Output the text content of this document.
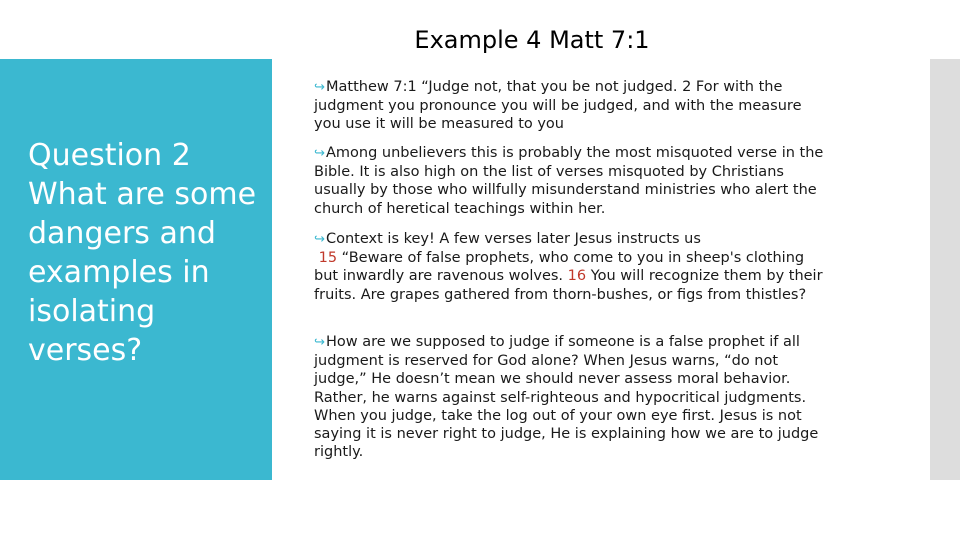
Example 4 Matt 7:1
Question 2
What are some
dangers and
examples in
isolating
verses?
↪Matthew 7:1 “Judge not, that you be not judged. 2 For with the
judgment you pronounce you will be judged, and with the measure
you use it will be measured to you
↪Among unbelievers this is probably the most misquoted verse in the
Bible. It is also high on the list of verses misquoted by Christians
usually by those who willfully misunderstand ministries who alert the
church of heretical teachings within her.
↪Context is key! A few verses later Jesus instructs us
15 “Beware of false prophets, who come to you in sheep's clothing
but inwardly are ravenous wolves. 16 You will recognize them by their
fruits. Are grapes gathered from thorn-bushes, or figs from thistles?
↪How are we supposed to judge if someone is a false prophet if all
judgment is reserved for God alone? When Jesus warns, “do not
judge,” He doesn’t mean we should never assess moral behavior.
Rather, he warns against self-righteous and hypocritical judgments.
When you judge, take the log out of your own eye first. Jesus is not
saying it is never right to judge, He is explaining how we are to judge
rightly.
